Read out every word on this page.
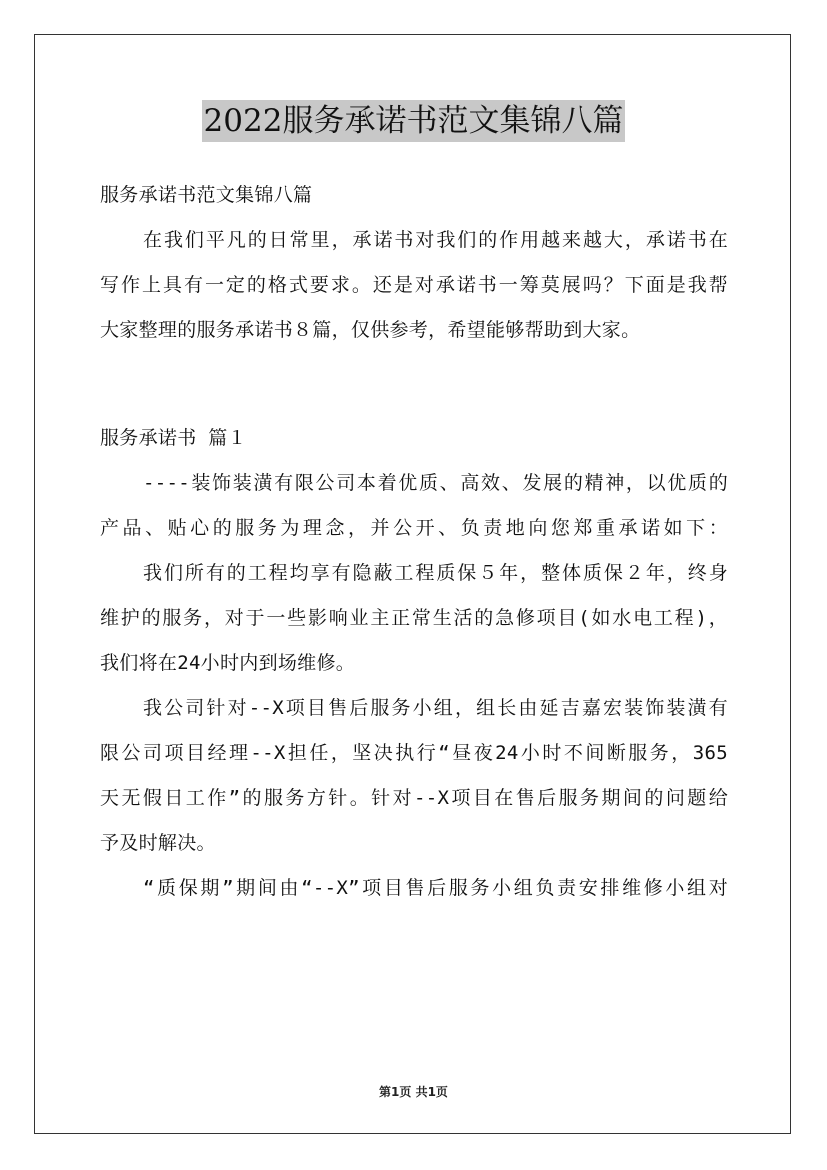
2022服务承诺书范文集锦八篇
服务承诺书范文集锦八篇
在我们平凡的日常里，承诺书对我们的作用越来越大，承诺书在
写作上具有一定的格式要求。还是对承诺书一筹莫展吗？下面是我帮
大家整理的服务承诺书８篇，仅供参考，希望能够帮助到大家。
服务承诺书 篇１
----装饰装潢有限公司本着优质、高效、发展的精神，以优质的
产品、贴心的服务为理念，并公开、负责地向您郑重承诺如下：
我们所有的工程均享有隐蔽工程质保５年，整体质保２年，终身
维护的服务，对于一些影响业主正常生活的急修项目(如水电工程)，
我们将在24小时内到场维修。
我公司针对--X项目售后服务小组，组长由延吉嘉宏装饰装潢有
限公司项目经理--X担任，坚决执行“昼夜24小时不间断服务，365
天无假日工作”的服务方针。针对--X项目在售后服务期间的问题给
予及时解决。
“质保期”期间由“--X”项目售后服务小组负责安排维修小组对
第1页 共1页
